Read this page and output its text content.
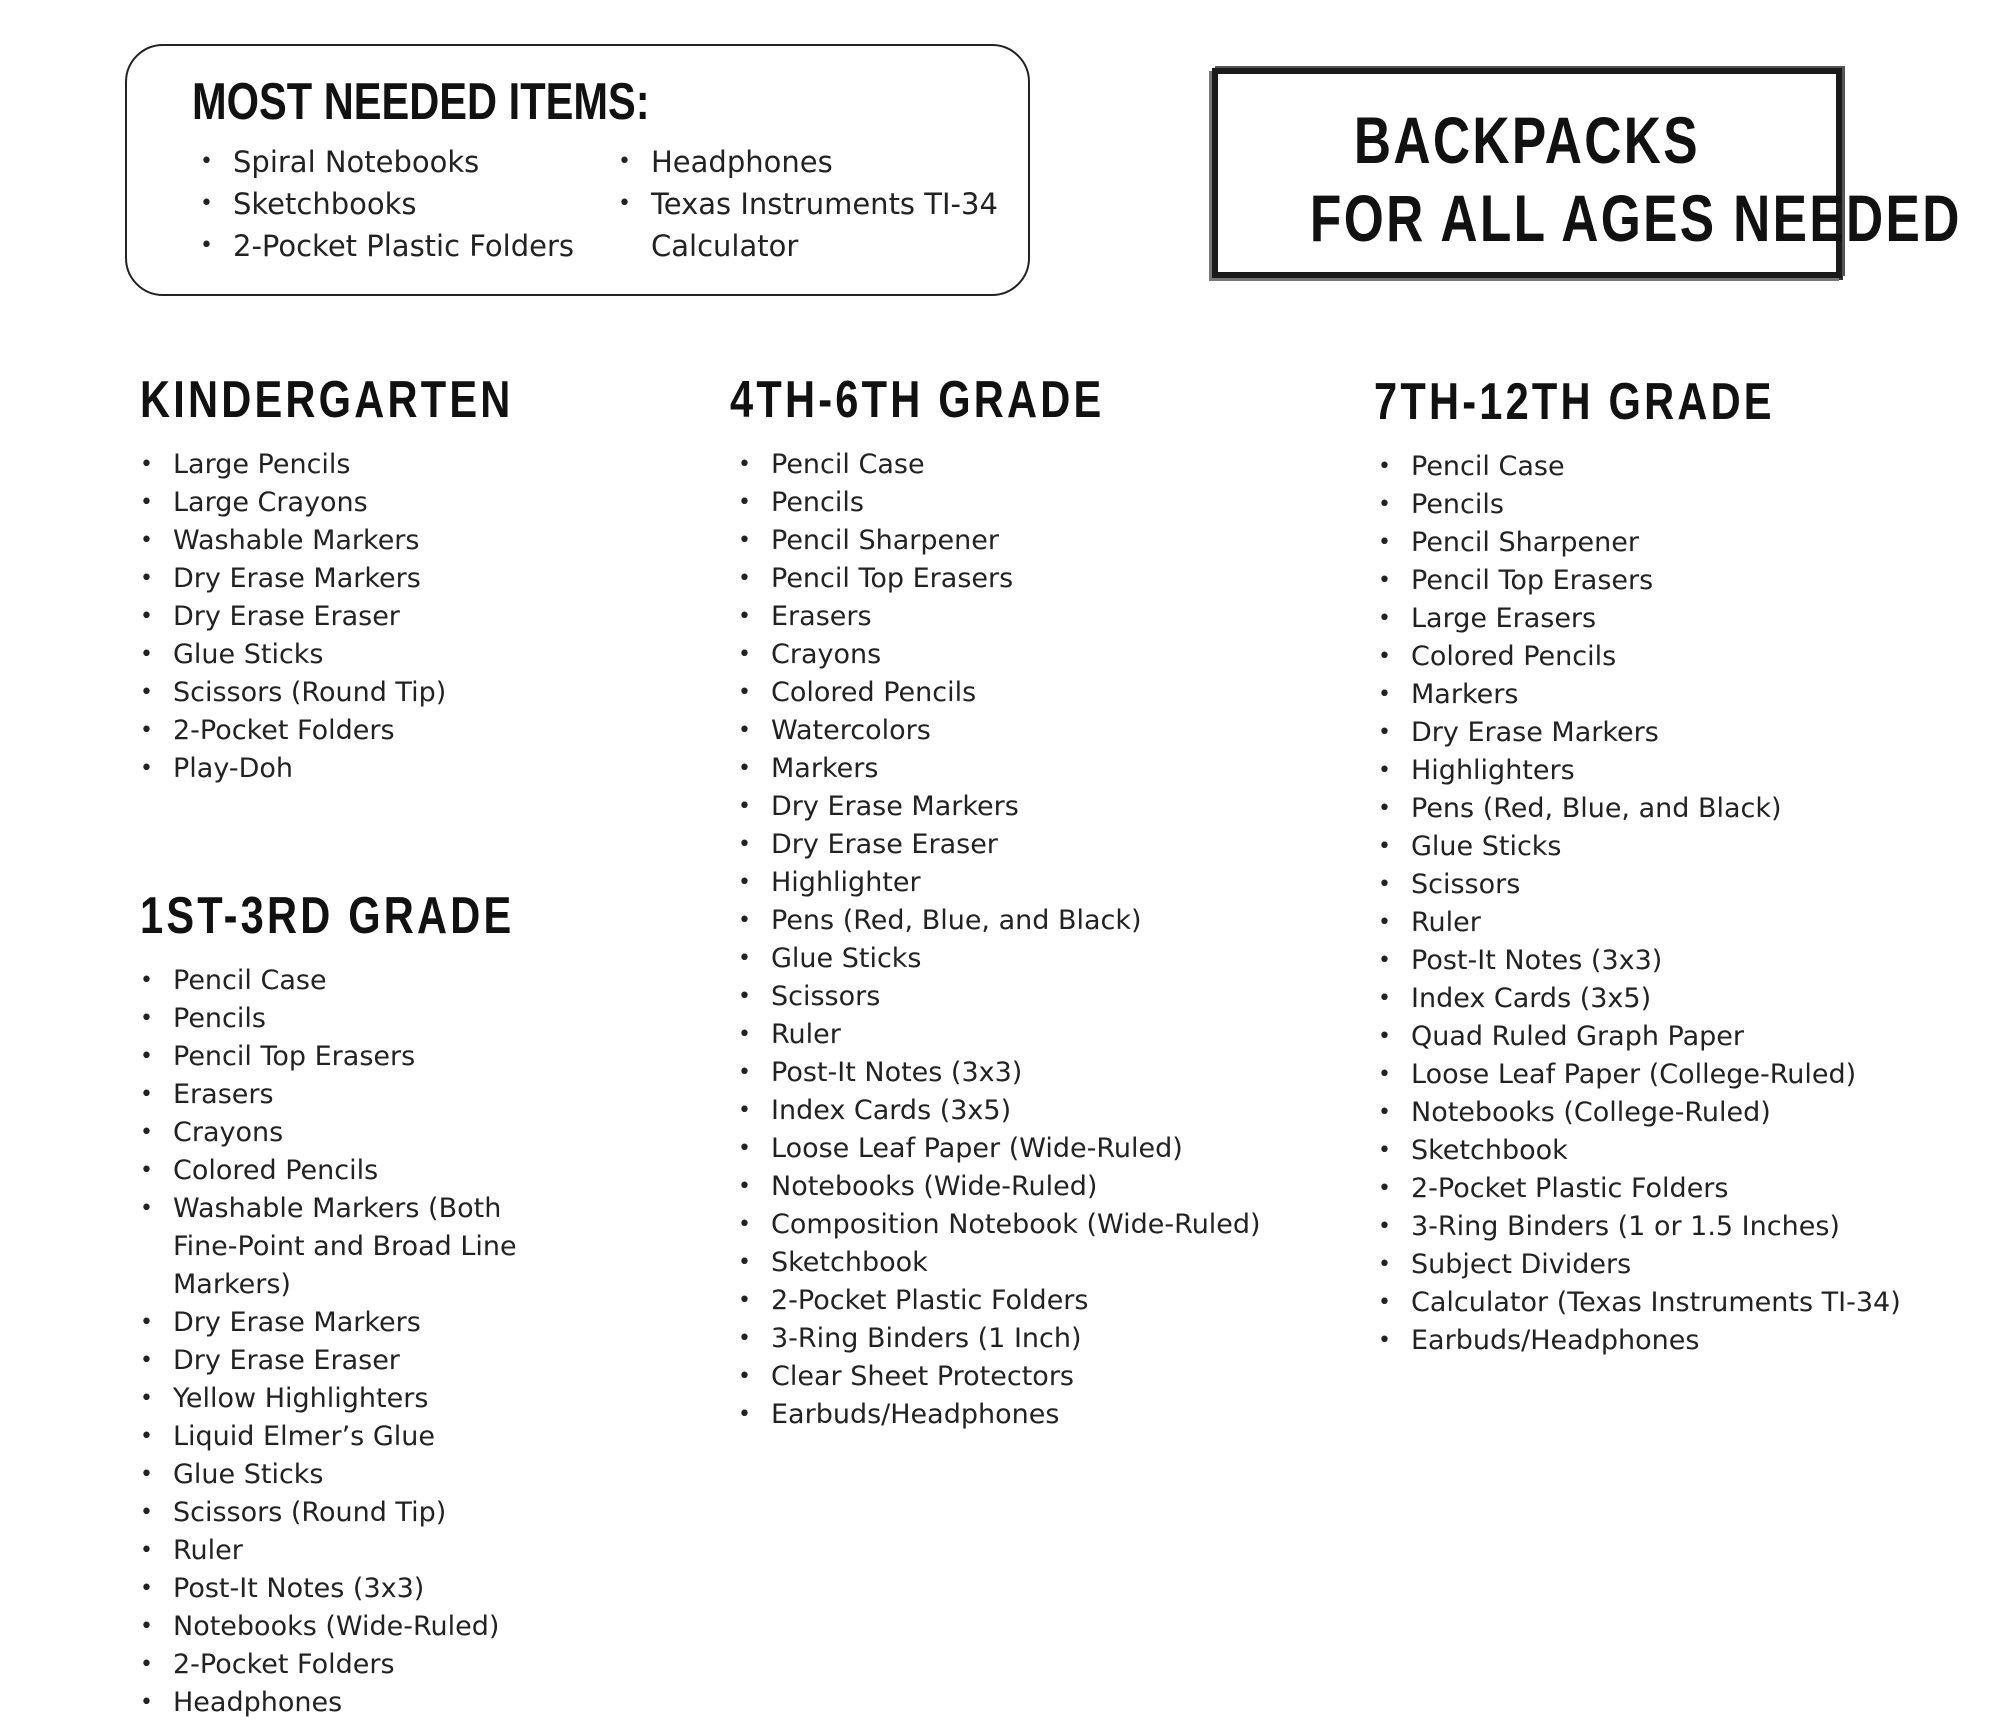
MOST NEEDED ITEMS:
• Spiral Notebooks
• Sketchbooks
• 2-Pocket Plastic Folders
• Headphones
• Texas Instruments TI-34 Calculator

BACKPACKS

FOR ALL AGES NEEDED

KINDERGARTEN
• Large Pencils
• Large Crayons
• Washable Markers
• Dry Erase Markers
• Dry Erase Eraser
• Glue Sticks
• Scissors (Round Tip)
• 2-Pocket Folders
• Play-Doh
1ST-3RD GRADE
• Pencil Case
• Pencils
• Pencil Top Erasers
• Erasers
• Crayons
• Colored Pencils
• Washable Markers (Both Fine-Point and Broad Line Markers)
• Dry Erase Markers
• Dry Erase Eraser
• Yellow Highlighters
• Liquid Elmer’s Glue
• Glue Sticks
• Scissors (Round Tip)
• Ruler
• Post-It Notes (3x3)
• Notebooks (Wide-Ruled)
• 2-Pocket Folders
• Headphones
4TH-6TH GRADE
• Pencil Case
• Pencils
• Pencil Sharpener
• Pencil Top Erasers
• Erasers
• Crayons
• Colored Pencils
• Watercolors
• Markers
• Dry Erase Markers
• Dry Erase Eraser
• Highlighter
• Pens (Red, Blue, and Black)
• Glue Sticks
• Scissors
• Ruler
• Post-It Notes (3x3)
• Index Cards (3x5)
• Loose Leaf Paper (Wide-Ruled)
• Notebooks (Wide-Ruled)
• Composition Notebook (Wide-Ruled)
• Sketchbook
• 2-Pocket Plastic Folders
• 3-Ring Binders (1 Inch)
• Clear Sheet Protectors
• Earbuds/Headphones
7TH-12TH GRADE
• Pencil Case
• Pencils
• Pencil Sharpener
• Pencil Top Erasers
• Large Erasers
• Colored Pencils
• Markers
• Dry Erase Markers
• Highlighters
• Pens (Red, Blue, and Black)
• Glue Sticks
• Scissors
• Ruler
• Post-It Notes (3x3)
• Index Cards (3x5)
• Quad Ruled Graph Paper
• Loose Leaf Paper (College-Ruled)
• Notebooks (College-Ruled)
• Sketchbook
• 2-Pocket Plastic Folders
• 3-Ring Binders (1 or 1.5 Inches)
• Subject Dividers
• Calculator (Texas Instruments TI-34)
• Earbuds/Headphones
